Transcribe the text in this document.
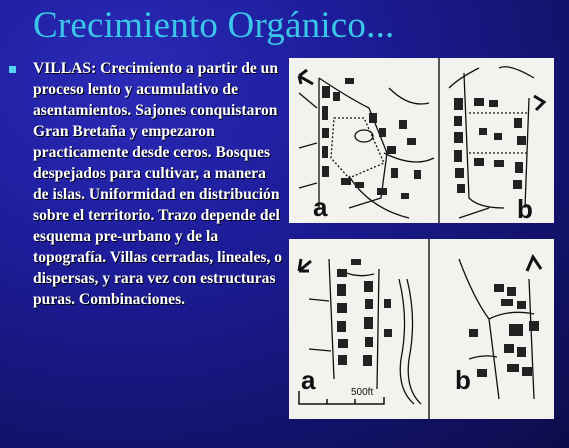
Crecimiento Orgánico...
VILLAS: Crecimiento a partir de un proceso lento y acumulativo de asentamientos. Sajones conquistaron Gran Bretaña y empezaron practicamente desde ceros. Bosques despejados para cultivar, a manera de islas. Uniformidad en distribución sobre el territorio. Trazo depende del esquema pre-urbano y de la topografía. Villas cerradas, lineales, o dispersas, y rara vez con estructuras puras. Combinaciones.
a	b
500ft
a	b
